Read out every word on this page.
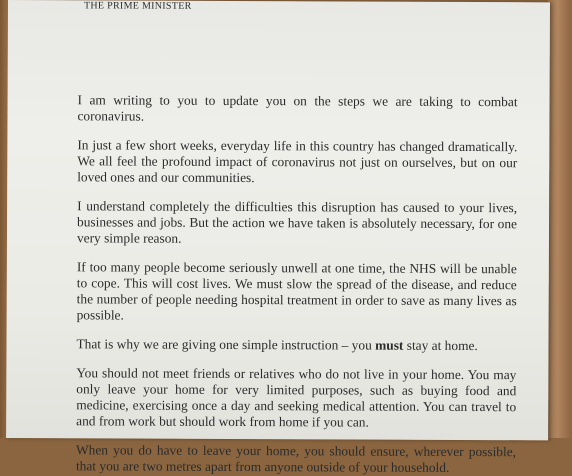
THE PRIME MINISTER

I am writing to you to update you on the steps we are taking to combat coronavirus.

In just a few short weeks, everyday life in this country has changed dramatically. We all feel the profound impact of coronavirus not just on ourselves, but on our loved ones and our communities.

I understand completely the difficulties this disruption has caused to your lives, businesses and jobs. But the action we have taken is absolutely necessary, for one very simple reason.

If too many people become seriously unwell at one time, the NHS will be unable to cope. This will cost lives. We must slow the spread of the disease, and reduce the number of people needing hospital treatment in order to save as many lives as possible.

That is why we are giving one simple instruction – you must stay at home.

You should not meet friends or relatives who do not live in your home. You may only leave your home for very limited purposes, such as buying food and medicine, exercising once a day and seeking medical attention. You can travel to and from work but should work from home if you can.

When you do have to leave your home, you should ensure, wherever possible, that you are two metres apart from anyone outside of your household.
